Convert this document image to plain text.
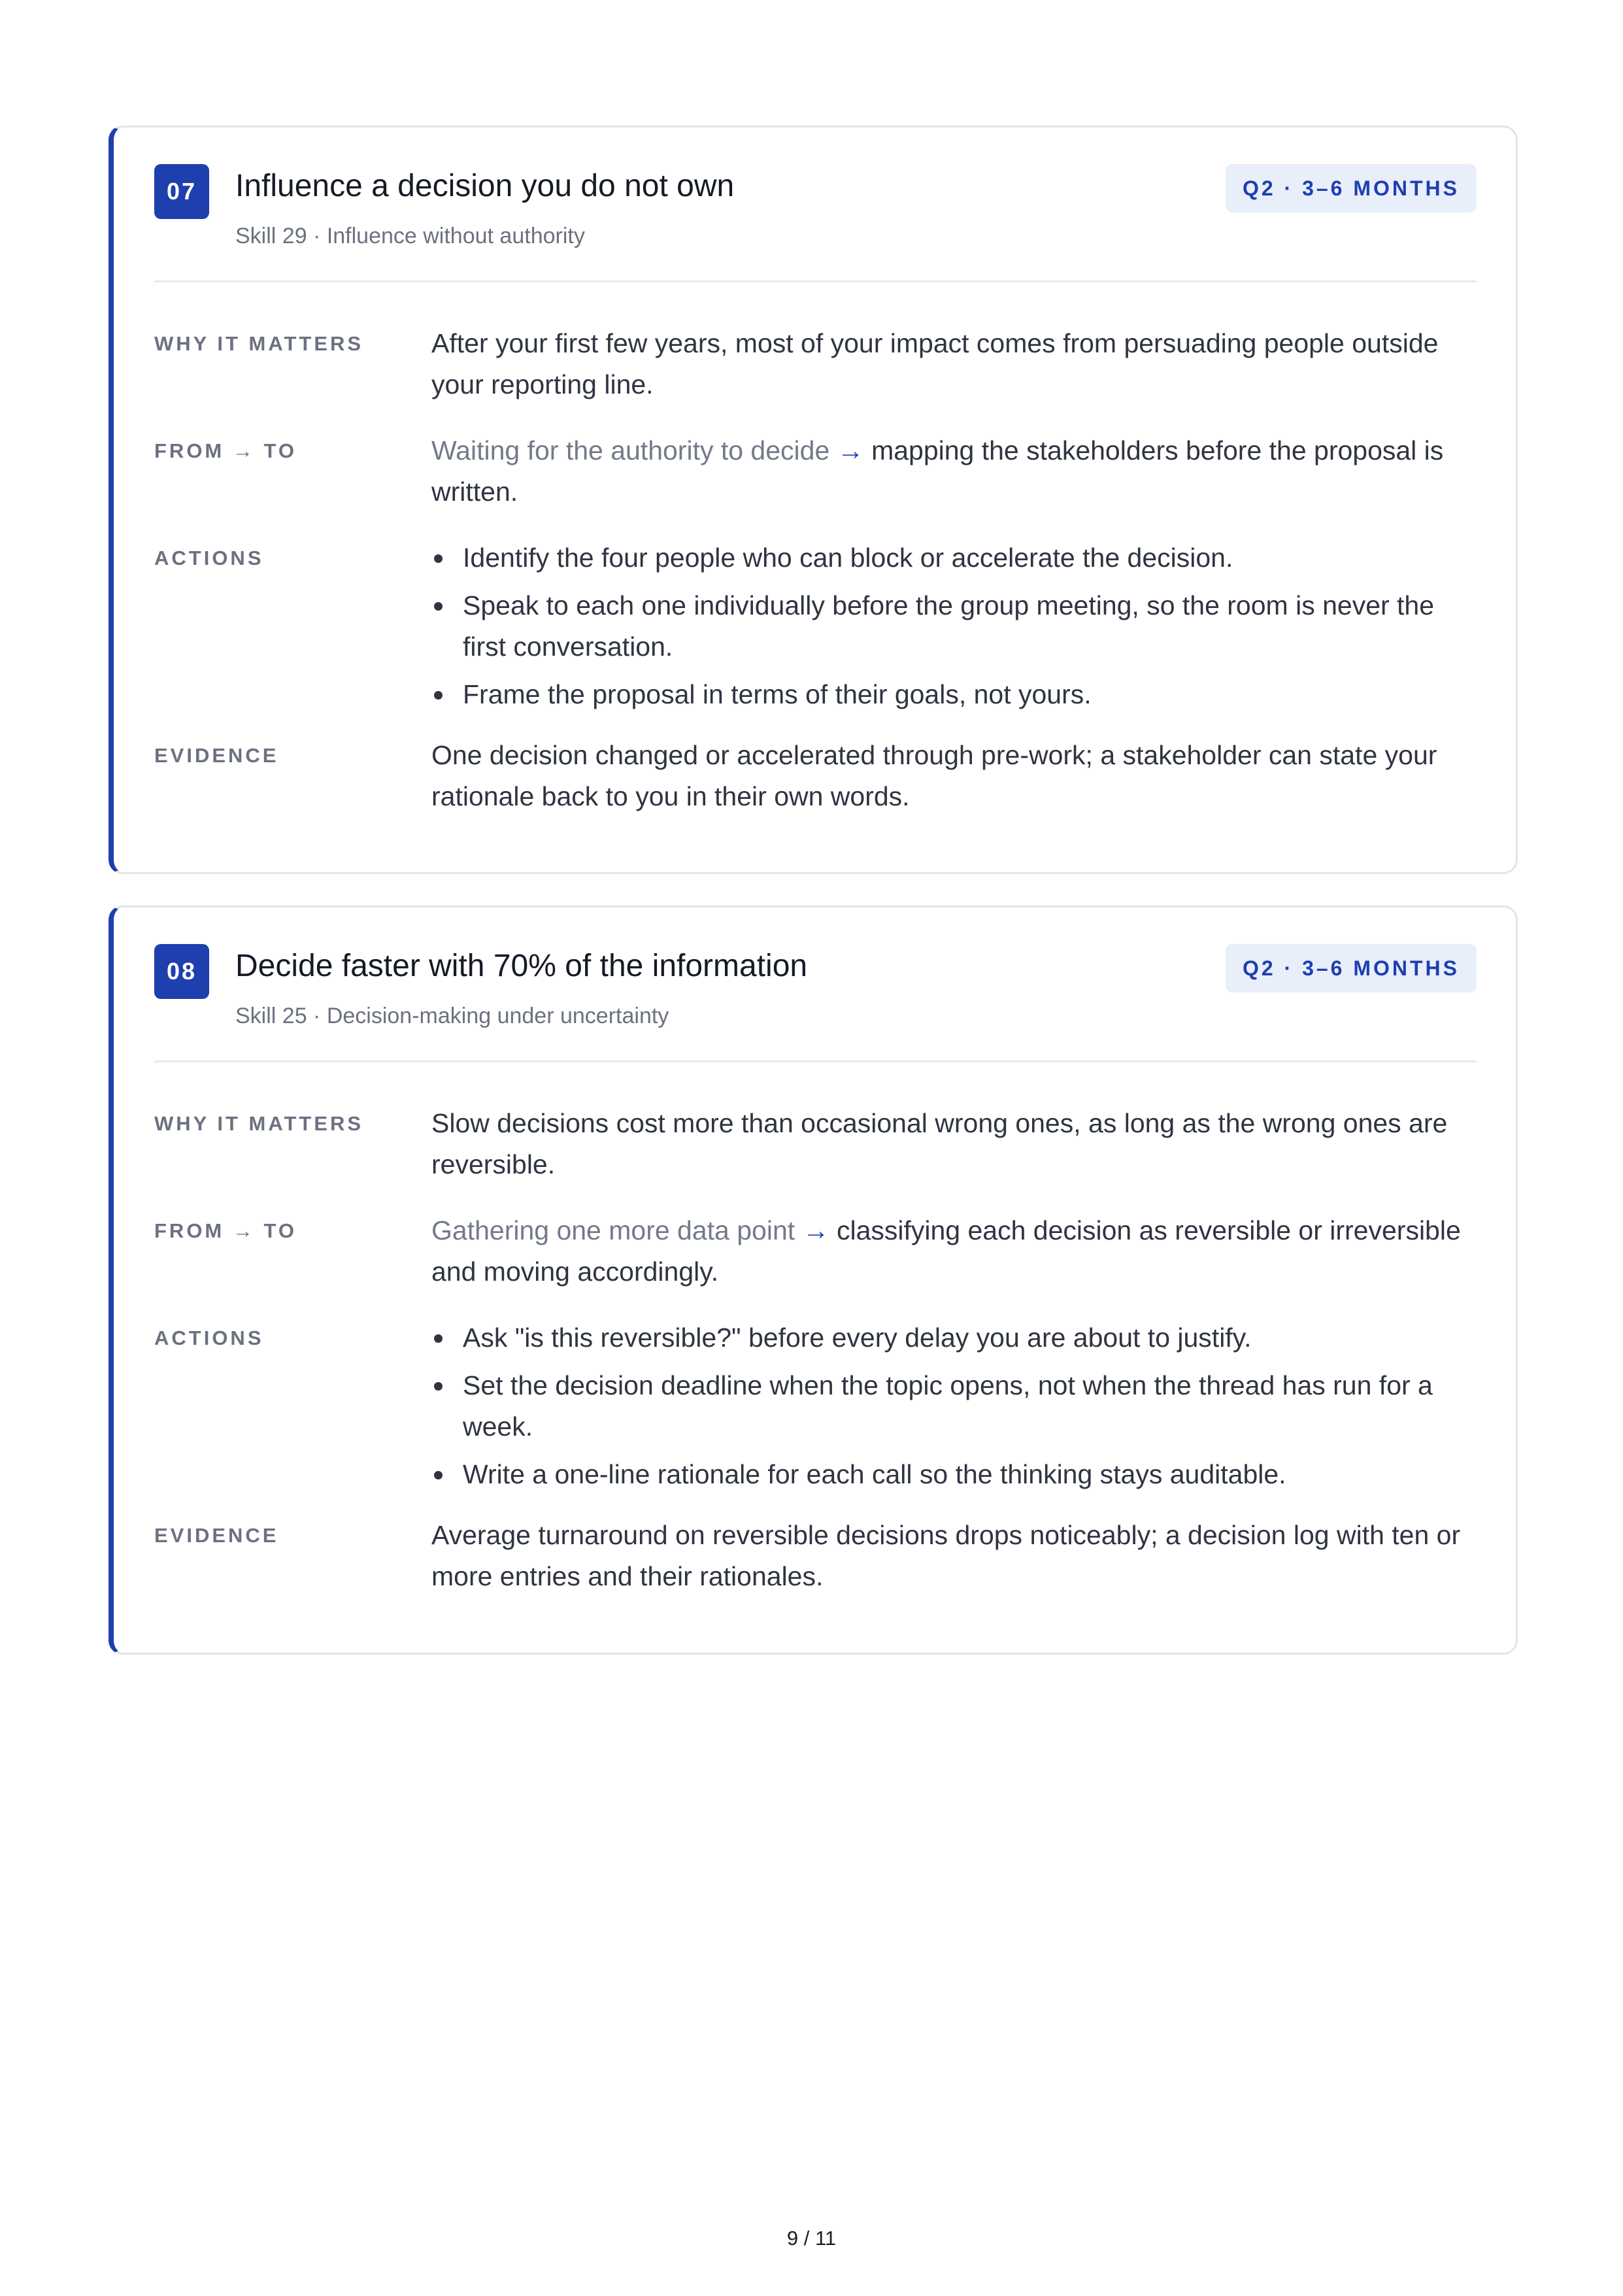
07	Influence a decision you do not own
Skill 29 · Influence without authority
Q2 · 3–6 MONTHS
WHY IT MATTERS	After your first few years, most of your impact comes from persuading people outside your reporting line.
FROM → TO	Waiting for the authority to decide → mapping the stakeholders before the proposal is written.
ACTIONS	Identify the four people who can block or accelerate the decision.
Speak to each one individually before the group meeting, so the room is never the first conversation.
Frame the proposal in terms of their goals, not yours.
EVIDENCE	One decision changed or accelerated through pre-work; a stakeholder can state your rationale back to you in their own words.
08	Decide faster with 70% of the information
Skill 25 · Decision-making under uncertainty
Q2 · 3–6 MONTHS
WHY IT MATTERS	Slow decisions cost more than occasional wrong ones, as long as the wrong ones are reversible.
FROM → TO	Gathering one more data point → classifying each decision as reversible or irreversible and moving accordingly.
ACTIONS	Ask "is this reversible?" before every delay you are about to justify.
Set the decision deadline when the topic opens, not when the thread has run for a week.
Write a one-line rationale for each call so the thinking stays auditable.
EVIDENCE	Average turnaround on reversible decisions drops noticeably; a decision log with ten or more entries and their rationales.
9 / 11
